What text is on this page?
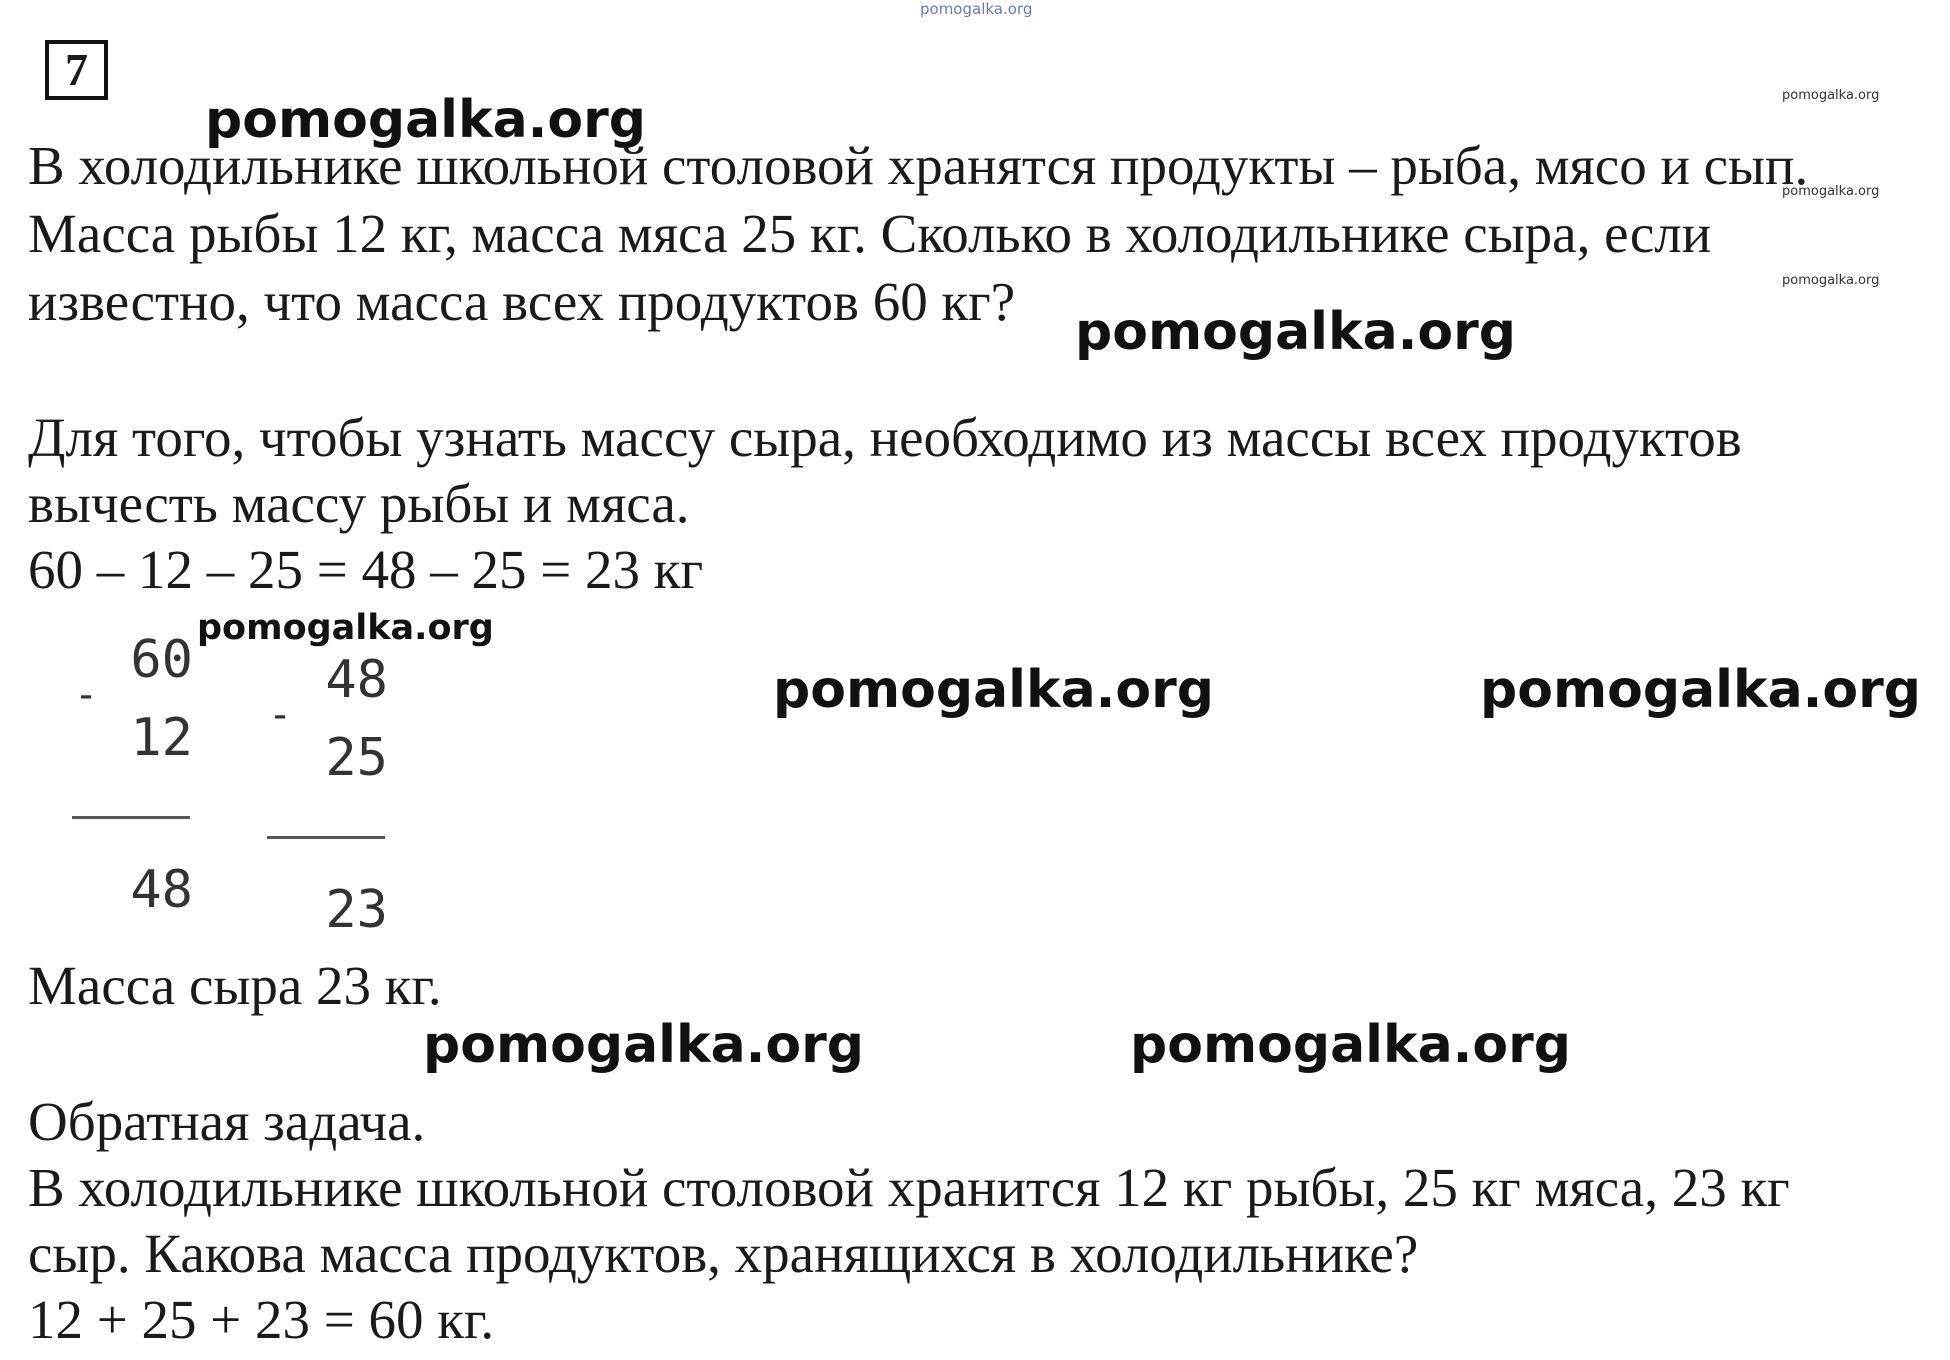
pomogalka.org
7
pomogalka.org
pomogalka.org
pomogalka.org	pomogalka.org
pomogalka.org	pomogalka.org
pomogalka.org
pomogalka.org
pomogalka.org
В холодильнике школьной столовой хранятся продукты – рыба, мясо и сып.
Масса рыбы 12 кг, масса мяса 25 кг. Сколько в холодильнике сыра, если
известно, что масса всех продуктов 60 кг?
Для того, чтобы узнать массу сыра, необходимо из массы всех продуктов
вычесть массу рыбы и мяса.
60 – 12 – 25 = 48 – 25 = 23 кг
pomogalka.org
-
60
12
48
-
48
25
23
Масса сыра 23 кг.
Обратная задача.
В холодильнике школьной столовой хранится 12 кг рыбы, 25 кг мяса, 23 кг
сыр. Какова масса продуктов, хранящихся в холодильнике?
12 + 25 + 23 = 60 кг.
